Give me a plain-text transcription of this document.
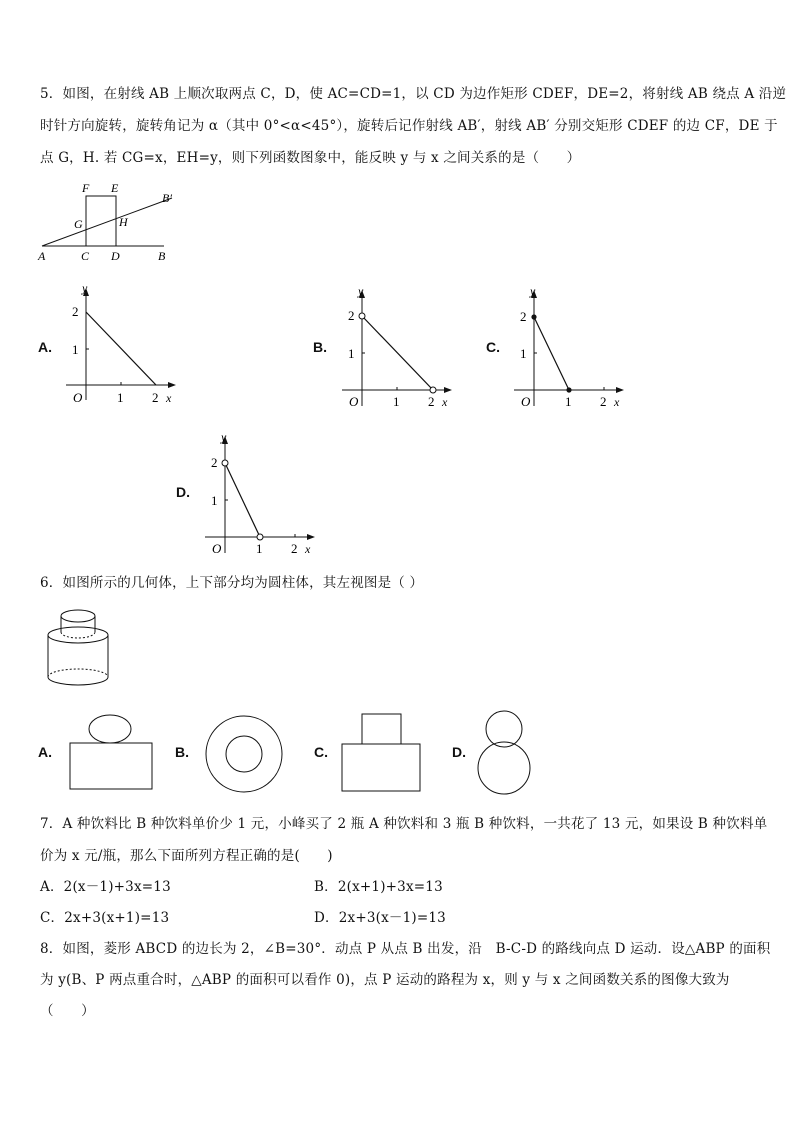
5．如图，在射线 AB 上顺次取两点 C，D，使 AC=CD=1，以 CD 为边作矩形 CDEF，DE=2，将射线 AB 绕点 A 沿逆
时针方向旋转，旋转角记为 α（其中 0°<α<45°），旋转后记作射线 AB′，射线 AB′ 分别交矩形 CDEF 的边 CF，DE 于
点 G，H. 若 CG=x，EH=y，则下列函数图象中，能反映 y 与 x 之间关系的是（　　）
F E
B′
G	H
A	C D	B
A.
y
2
1
O	1 2 x
B.
y
2
1
O	1 2 x
C.
y
2
1
O	1 2 x
D.
y
2
1
O	1 2 x
6．如图所示的几何体，上下部分均为圆柱体，其左视图是（ ）
A.	B.	C.	D.
7．A 种饮料比 B 种饮料单价少 1 元，小峰买了 2 瓶 A 种饮料和 3 瓶 B 种饮料，一共花了 13 元，如果设 B 种饮料单
价为 x 元/瓶，那么下面所列方程正确的是(　　)
A．2(x－1)+3x=13	B．2(x+1)+3x=13
C．2x+3(x+1)=13	D．2x+3(x－1)=13
8．如图，菱形 ABCD 的边长为 2，∠B=30°．动点 P 从点 B 出发，沿　B-C-D 的路线向点 D 运动．设△ABP 的面积
为 y(B、P 两点重合时，△ABP 的面积可以看作 0)，点 P 运动的路程为 x，则 y 与 x 之间函数关系的图像大致为
（　　）
